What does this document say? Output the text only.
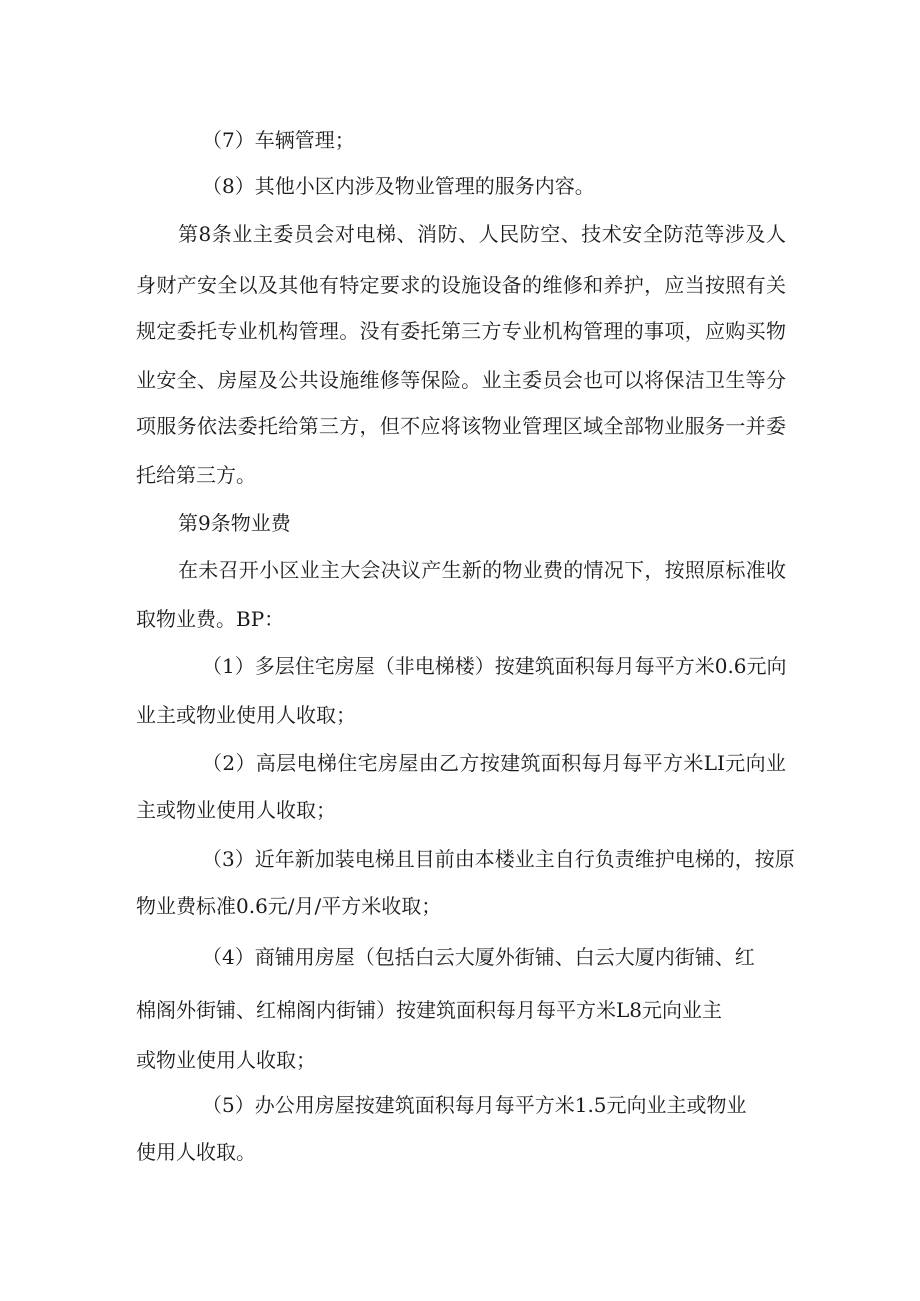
（7）车辆管理；
（8）其他小区内涉及物业管理的服务内容。
第8条业主委员会对电梯、消防、人民防空、技术安全防范等涉及人
身财产安全以及其他有特定要求的设施设备的维修和养护，应当按照有关
规定委托专业机构管理。没有委托第三方专业机构管理的事项，应购买物
业安全、房屋及公共设施维修等保险。业主委员会也可以将保洁卫生等分
项服务依法委托给第三方，但不应将该物业管理区域全部物业服务一并委
托给第三方。
第9条物业费
在未召开小区业主大会决议产生新的物业费的情况下，按照原标准收
取物业费。BP：
（1）多层住宅房屋（非电梯楼）按建筑面积每月每平方米0.6元向
业主或物业使用人收取；
（2）高层电梯住宅房屋由乙方按建筑面积每月每平方米LI元向业
主或物业使用人收取；
（3）近年新加装电梯且目前由本楼业主自行负责维护电梯的，按原
物业费标准0.6元/月/平方米收取；
（4）商铺用房屋（包括白云大厦外街铺、白云大厦内街铺、红
棉阁外街铺、红棉阁内街铺）按建筑面积每月每平方米L8元向业主
或物业使用人收取；
（5）办公用房屋按建筑面积每月每平方米1.5元向业主或物业
使用人收取。
